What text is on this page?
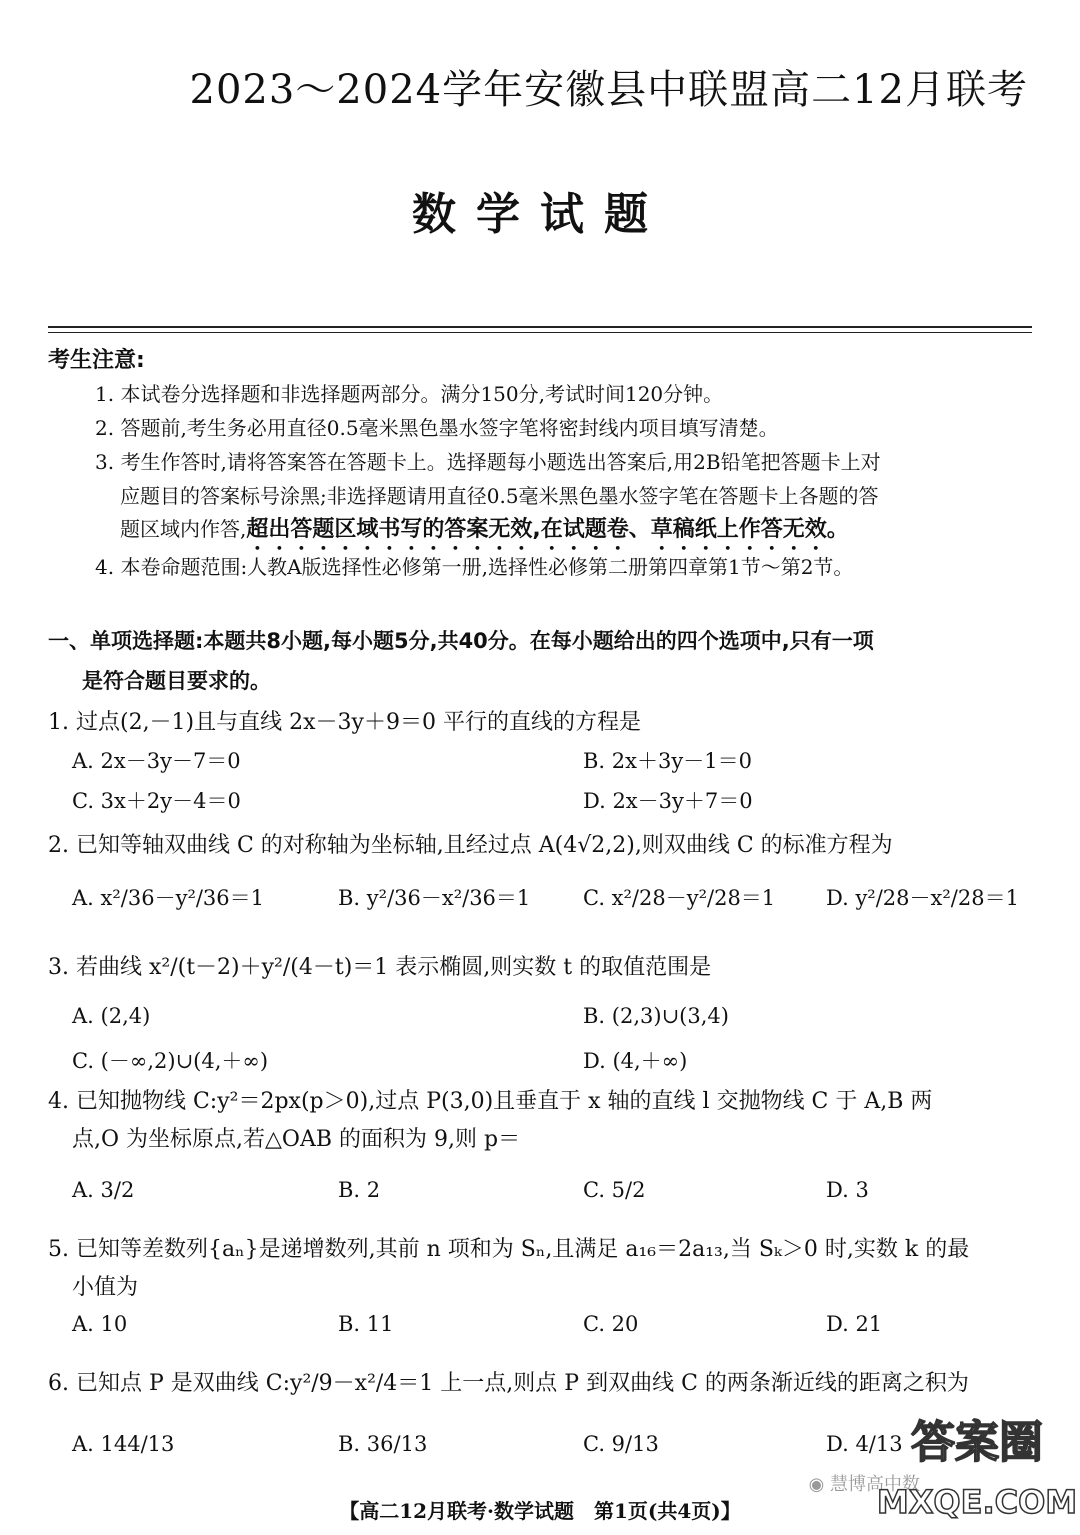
2023～2024学年安徽县中联盟高二12月联考
数学试题
考生注意:
1. 本试卷分选择题和非选择题两部分。满分150分,考试时间120分钟。
2. 答题前,考生务必用直径0.5毫米黑色墨水签字笔将密封线内项目填写清楚。
3. 考生作答时,请将答案答在答题卡上。选择题每小题选出答案后,用2B铅笔把答题卡上对
应题目的答案标号涂黑;非选择题请用直径0.5毫米黑色墨水签字笔在答题卡上各题的答
题区域内作答,超出答题区域书写的答案无效,在试题卷、草稿纸上作答无效。
4. 本卷命题范围:人教A版选择性必修第一册,选择性必修第二册第四章第1节～第2节。
一、单项选择题:本题共8小题,每小题5分,共40分。在每小题给出的四个选项中,只有一项
是符合题目要求的。
1. 过点(2,－1)且与直线 2x－3y＋9＝0 平行的直线的方程是
A. 2x－3y－7＝0	B. 2x＋3y－1＝0
C. 3x＋2y－4＝0	D. 2x－3y＋7＝0
2. 已知等轴双曲线 C 的对称轴为坐标轴,且经过点 A(4√2,2),则双曲线 C 的标准方程为
A. x²/36－y²/36＝1	B. y²/36－x²/36＝1	C. x²/28－y²/28＝1 D. y²/28－x²/28＝1
3. 若曲线 x²/(t－2)＋y²/(4－t)＝1 表示椭圆,则实数 t 的取值范围是
A. (2,4)	B. (2,3)∪(3,4)
C. (－∞,2)∪(4,＋∞)	D. (4,＋∞)
4. 已知抛物线 C:y²＝2px(p＞0),过点 P(3,0)且垂直于 x 轴的直线 l 交抛物线 C 于 A,B 两
点,O 为坐标原点,若△OAB 的面积为 9,则 p＝
A. 3/2	B. 2	C. 5/2	D. 3
5. 已知等差数列{aₙ}是递增数列,其前 n 项和为 Sₙ,且满足 a₁₆＝2a₁₃,当 Sₖ＞0 时,实数 k 的最
小值为
A. 10	B. 11	C. 20	D. 21
6. 已知点 P 是双曲线 C:y²/9－x²/4＝1 上一点,则点 P 到双曲线 C 的两条渐近线的距离之积为
A. 144/13	B. 36/13	C. 9/13	D. 4/13
【高二12月联考·数学试题　第1页(共4页)】
◉ 慧博高中数
答案圈
MXQE.COM
